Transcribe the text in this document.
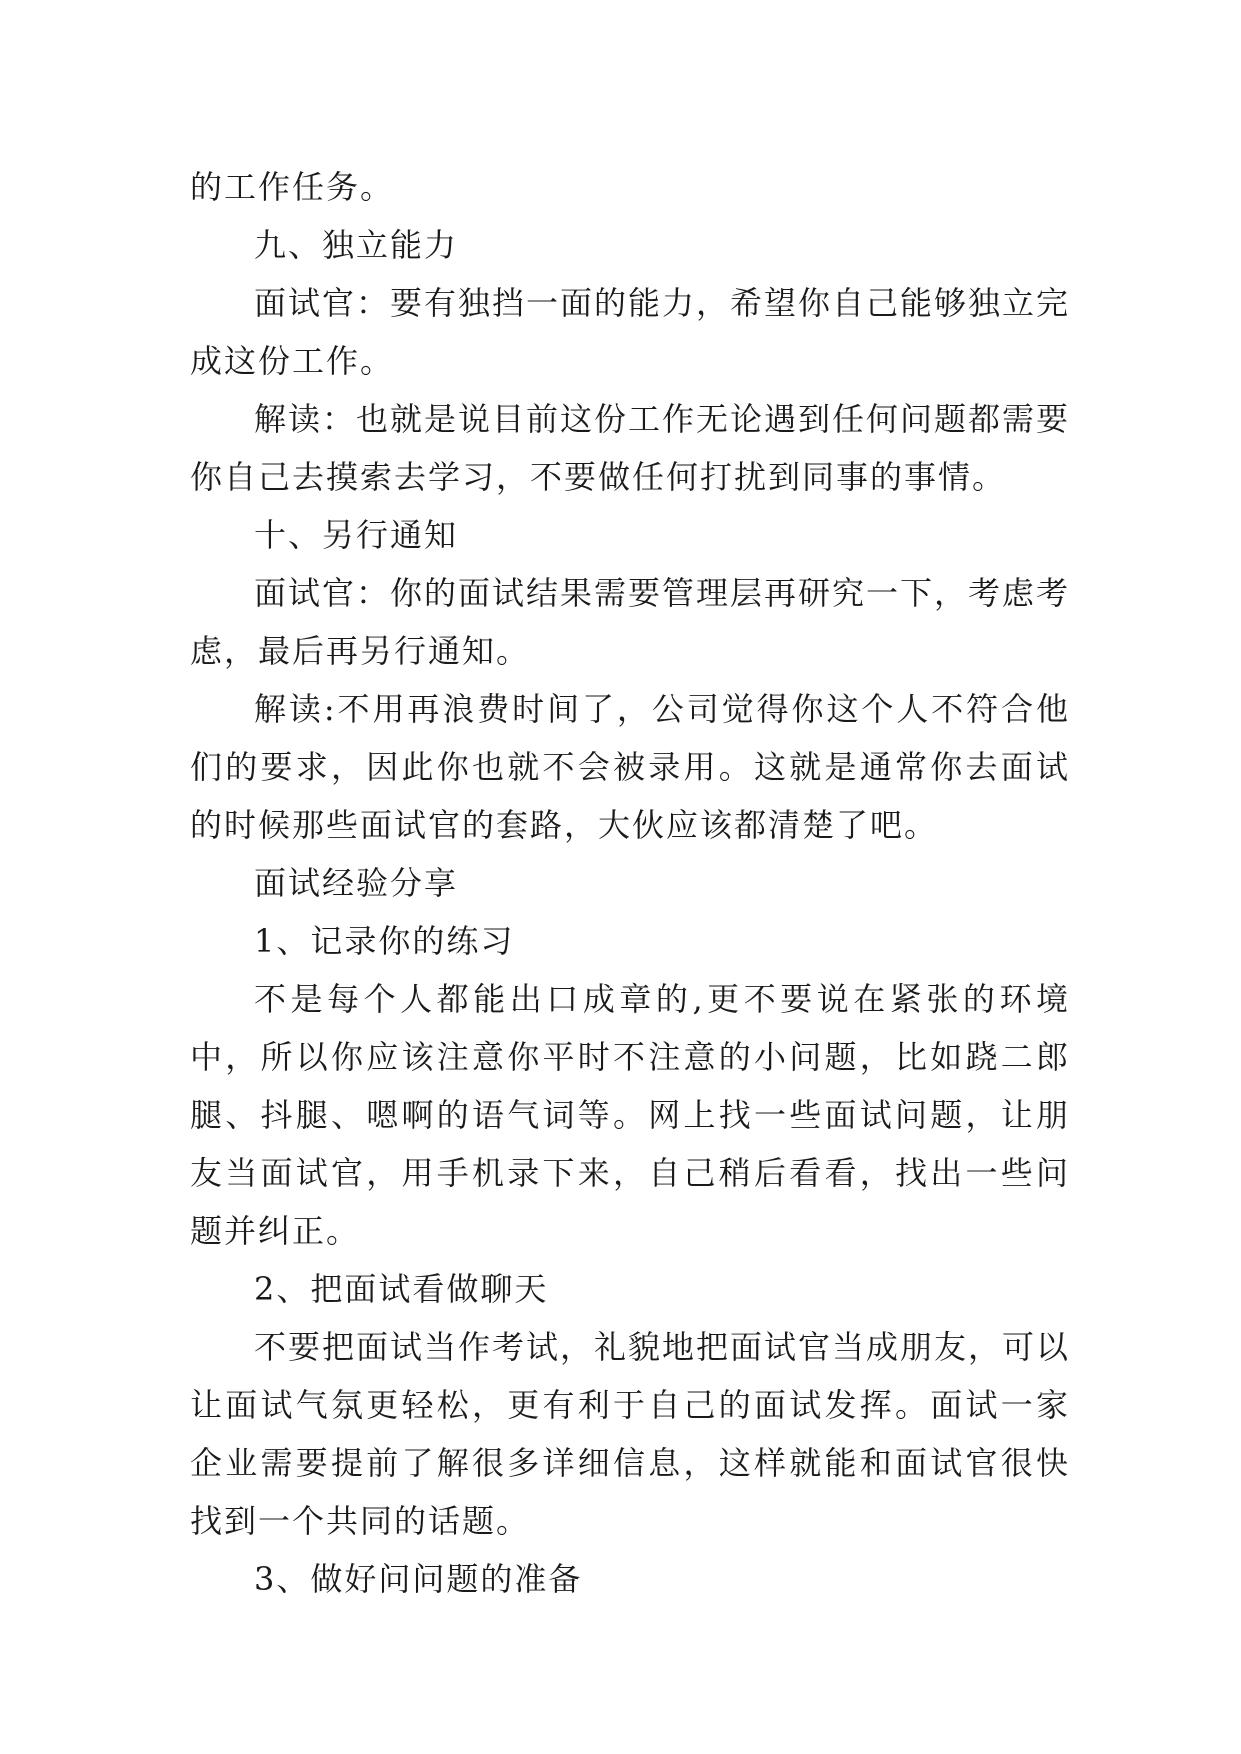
的工作任务。

九、独立能力

面试官：要有独挡一面的能力，希望你自己能够独立完成这份工作。

解读：也就是说目前这份工作无论遇到任何问题都需要你自己去摸索去学习，不要做任何打扰到同事的事情。

十、另行通知

面试官：你的面试结果需要管理层再研究一下，考虑考虑，最后再另行通知。

解读:不用再浪费时间了，公司觉得你这个人不符合他们的要求，因此你也就不会被录用。这就是通常你去面试的时候那些面试官的套路，大伙应该都清楚了吧。

面试经验分享

1、记录你的练习

不是每个人都能出口成章的,更不要说在紧张的环境中，所以你应该注意你平时不注意的小问题，比如跷二郎腿、抖腿、嗯啊的语气词等。网上找一些面试问题，让朋友当面试官，用手机录下来，自己稍后看看，找出一些问题并纠正。

2、把面试看做聊天

不要把面试当作考试，礼貌地把面试官当成朋友，可以让面试气氛更轻松，更有利于自己的面试发挥。面试一家企业需要提前了解很多详细信息，这样就能和面试官很快找到一个共同的话题。

3、做好问问题的准备
